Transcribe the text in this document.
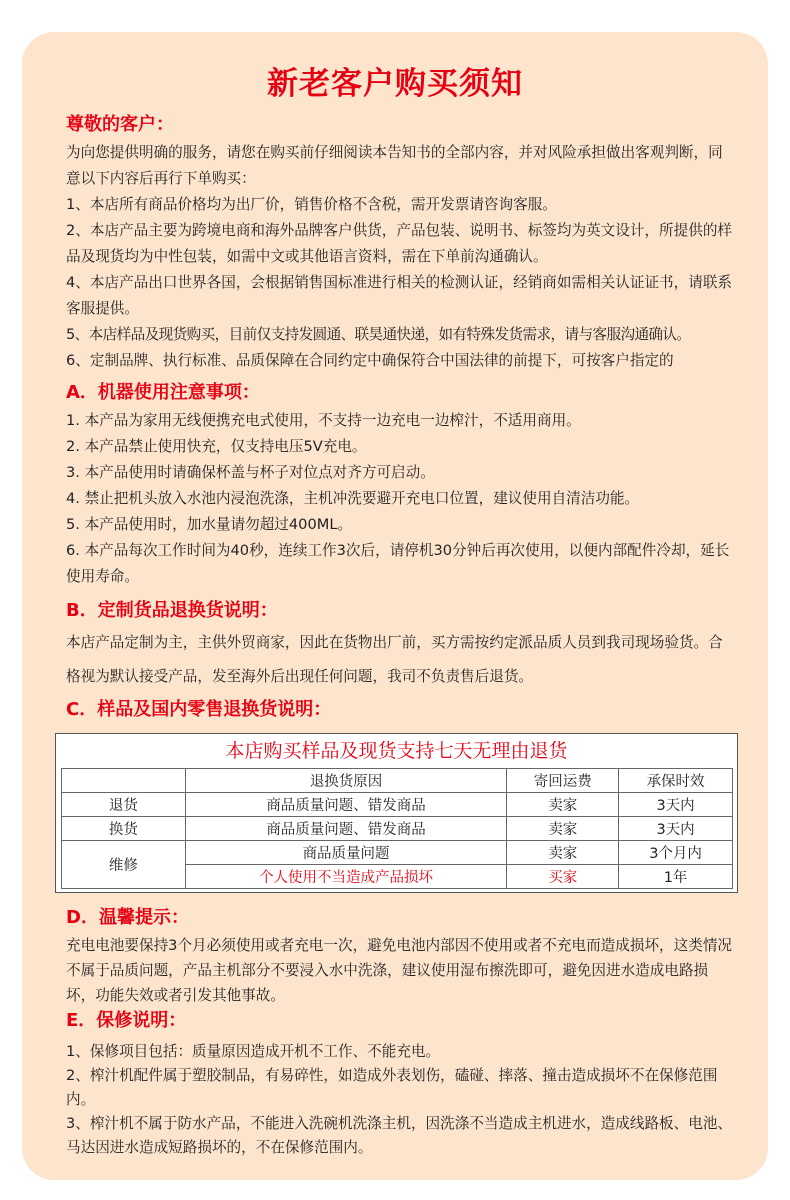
新老客户购买须知
尊敬的客户：

为向您提供明确的服务，请您在购买前仔细阅读本告知书的全部内容，并对风险承担做出客观判断，同意以下内容后再行下单购买：

1、本店所有商品价格均为出厂价，销售价格不含税，需开发票请咨询客服。

2、本店产品主要为跨境电商和海外品牌客户供货，产品包装、说明书、标签均为英文设计，所提供的样品及现货均为中性包装，如需中文或其他语言资料，需在下单前沟通确认。

4、本店产品出口世界各国，会根据销售国标准进行相关的检测认证，经销商如需相关认证证书，请联系客服提供。

5、本店样品及现货购买，目前仅支持发圆通、联昊通快递，如有特殊发货需求，请与客服沟通确认。

6、定制品牌、执行标准、品质保障在合同约定中确保符合中国法律的前提下，可按客户指定的

A．机器使用注意事项：

1. 本产品为家用无线便携充电式使用，不支持一边充电一边榨汁，不适用商用。

2. 本产品禁止使用快充，仅支持电压5V充电。

3. 本产品使用时请确保杯盖与杯子对位点对齐方可启动。

4. 禁止把机头放入水池内浸泡洗涤，主机冲洗要避开充电口位置，建议使用自清洁功能。

5. 本产品使用时，加水量请勿超过400ML。

6. 本产品每次工作时间为40秒，连续工作3次后，请停机30分钟后再次使用，以便内部配件冷却，延长使用寿命。

B．定制货品退换货说明：

本店产品定制为主，主供外贸商家，因此在货物出厂前，买方需按约定派品质人员到我司现场验货。合格视为默认接受产品，发至海外后出现任何问题，我司不负责售后退货。

C．样品及国内零售退换货说明：
本店购买样品及现货支持七天无理由退货
	退换货原因	寄回运费	承保时效
退货	商品质量问题、错发商品	卖家	3天内
换货	商品质量问题、错发商品	卖家	3天内
维修	商品质量问题	卖家	3个月内
	个人使用不当造成产品损坏	买家	1年
D．温馨提示：

充电电池要保持3个月必须使用或者充电一次，避免电池内部因不使用或者不充电而造成损坏，这类情况不属于品质问题，产品主机部分不要浸入水中洗涤，建议使用湿布擦洗即可，避免因进水造成电路损坏，功能失效或者引发其他事故。

E．保修说明：

1、保修项目包括：质量原因造成开机不工作、不能充电。

2、榨汁机配件属于塑胶制品，有易碎性，如造成外表划伤，磕碰、摔落、撞击造成损坏不在保修范围内。

3、榨汁机不属于防水产品，不能进入洗碗机洗涤主机，因洗涤不当造成主机进水，造成线路板、电池、马达因进水造成短路损坏的，不在保修范围内。
